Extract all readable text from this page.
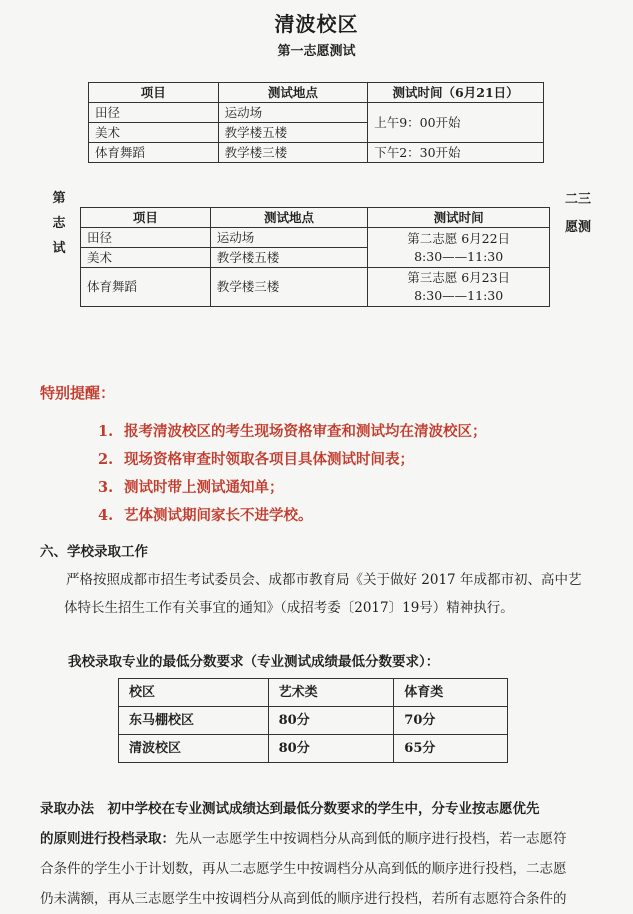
清波校区
第一志愿测试
项目	测试地点	测试时间（6月21日）
田径	运动场	上午9：00开始
美术	教学楼五楼	
体育舞蹈	教学楼三楼	下午2：30开始
第
志
试
二三
愿测
项目	测试地点	测试时间
田径	运动场	第二志愿 6月22日
8:30——11:30

美术	教学楼五楼	
体育舞蹈	教学楼三楼	第三志愿 6月23日
8:30——11:30
特别提醒：
1. 报考清波校区的考生现场资格审查和测试均在清波校区；
2. 现场资格审查时领取各项目具体测试时间表；
3. 测试时带上测试通知单；
4. 艺体测试期间家长不进学校。
六、学校录取工作
严格按照成都市招生考试委员会、成都市教育局《关于做好 2017 年成都市初、高中艺
体特长生招生工作有关事宜的通知》（成招考委〔2017〕19号）精神执行。
我校录取专业的最低分数要求（专业测试成绩最低分数要求）：
校区	艺术类	体育类
东马棚校区	80分	70分
清波校区	80分	65分
录取办法　初中学校在专业测试成绩达到最低分数要求的学生中，分专业按志愿优先
的原则进行投档录取：先从一志愿学生中按调档分从高到低的顺序进行投档，若一志愿符
合条件的学生小于计划数，再从二志愿学生中按调档分从高到低的顺序进行投档，二志愿
仍未满额，再从三志愿学生中按调档分从高到低的顺序进行投档，若所有志愿符合条件的
